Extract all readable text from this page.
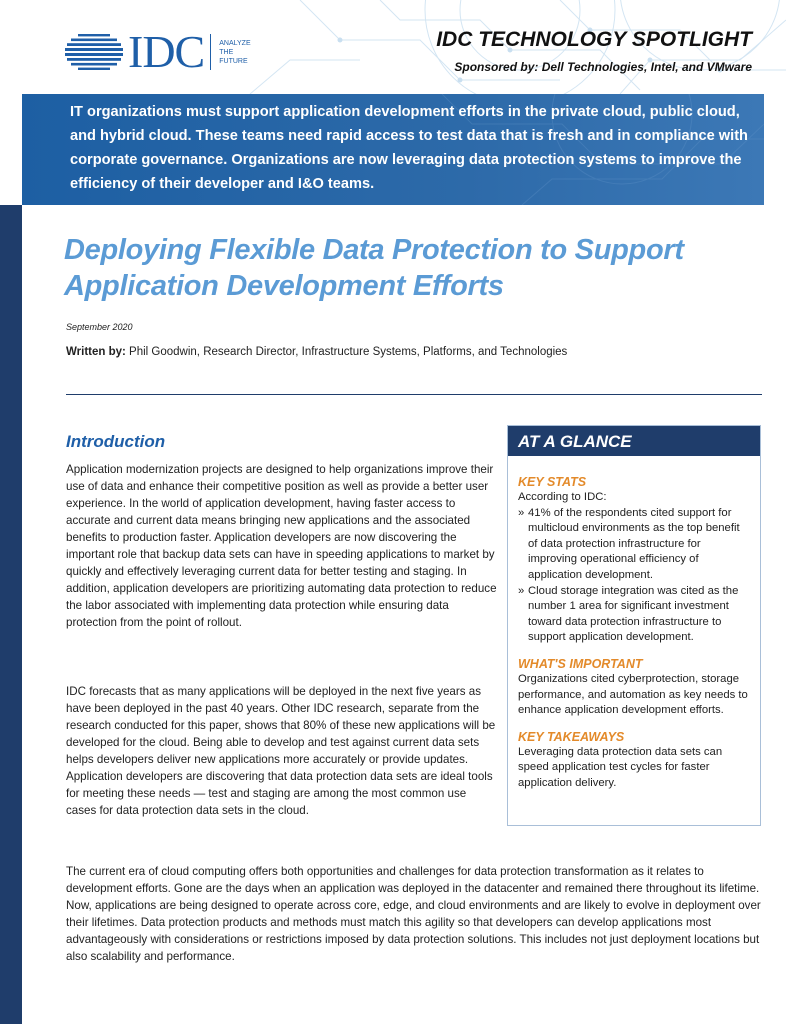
IDC ANALYZE
THE
FUTURE
IDC TECHNOLOGY SPOTLIGHT
Sponsored by: Dell Technologies, Intel, and VMware
IT organizations must support application development efforts in the private cloud, public cloud, and hybrid cloud. These teams need rapid access to test data that is fresh and in compliance with corporate governance. Organizations are now leveraging data protection systems to improve the efficiency of their developer and I&O teams.
Deploying Flexible Data Protection to Support Application Development Efforts
September 2020
Written by: Phil Goodwin, Research Director, Infrastructure Systems, Platforms, and Technologies
Introduction
Application modernization projects are designed to help organizations improve their use of data and enhance their competitive position as well as provide a better user experience. In the world of application development, having faster access to accurate and current data means bringing new applications and the associated benefits to production faster. Application developers are now discovering the important role that backup data sets can have in speeding applications to market by quickly and effectively leveraging current data for better testing and staging. In addition, application developers are prioritizing automating data protection to reduce the labor associated with implementing data protection while ensuring data protection from the point of rollout.
IDC forecasts that as many applications will be deployed in the next five years as have been deployed in the past 40 years. Other IDC research, separate from the research conducted for this paper, shows that 80% of these new applications will be developed for the cloud. Being able to develop and test against current data sets helps developers deliver new applications more accurately or provide updates. Application developers are discovering that data protection data sets are ideal tools for meeting these needs — test and staging are among the most common use cases for data protection data sets in the cloud.
The current era of cloud computing offers both opportunities and challenges for data protection transformation as it relates to development efforts. Gone are the days when an application was deployed in the datacenter and remained there throughout its lifetime. Now, applications are being designed to operate across core, edge, and cloud environments and are likely to evolve in deployment over their lifetimes. Data protection products and methods must match this agility so that developers can develop applications most advantageously with considerations or restrictions imposed by data protection solutions. This includes not just deployment locations but also scalability and performance.
AT A GLANCE
KEY STATS
According to IDC:
» 41% of the respondents cited support for multicloud environments as the top benefit of data protection infrastructure for improving operational efficiency of application development.
» Cloud storage integration was cited as the number 1 area for significant investment toward data protection infrastructure to support application development.
WHAT'S IMPORTANT
Organizations cited cyberprotection, storage performance, and automation as key needs to enhance application development efforts.
KEY TAKEAWAYS
Leveraging data protection data sets can speed application test cycles for faster application delivery.
